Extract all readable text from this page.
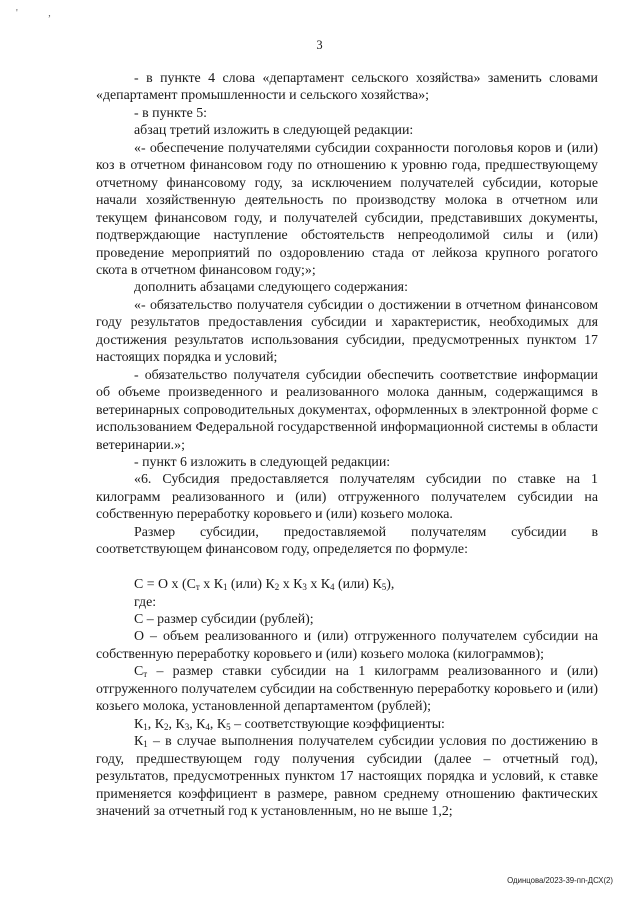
' ,
3

- в пункте 4 слова «департамент сельского хозяйства» заменить словами «департамент промышленности и сельского хозяйства»;

- в пункте 5:

абзац третий изложить в следующей редакции:

«- обеспечение получателями субсидии сохранности поголовья коров и (или) коз в отчетном финансовом году по отношению к уровню года, предшествующему отчетному финансовому году, за исключением получателей субсидии, которые начали хозяйственную деятельность по производству молока в отчетном или текущем финансовом году, и получателей субсидии, представивших документы, подтверждающие наступление обстоятельств непреодолимой силы и (или) проведение мероприятий по оздоровлению стада от лейкоза крупного рогатого скота в отчетном финансовом году;»;

дополнить абзацами следующего содержания:

«- обязательство получателя субсидии о достижении в отчетном финансовом году результатов предоставления субсидии и характеристик, необходимых для достижения результатов использования субсидии, предусмотренных пунктом 17 настоящих порядка и условий;

- обязательство получателя субсидии обеспечить соответствие информации об объеме произведенного и реализованного молока данным, содержащимся в ветеринарных сопроводительных документах, оформленных в электронной форме с использованием Федеральной государственной информационной системы в области ветеринарии.»;

- пункт 6 изложить в следующей редакции:

«6. Субсидия предоставляется получателям субсидии по ставке на 1 килограмм реализованного и (или) отгруженного получателем субсидии на собственную переработку коровьего и (или) козьего молока.

Размер субсидии, предоставляемой получателям субсидии в соответствующем финансовом году, определяется по формуле:

С = О х ($С_т$ х $К_1$ (или) $К_2$ х $К_3$ х $К_4$ (или) $К_5$),

где:

С – размер субсидии (рублей);

О – объем реализованного и (или) отгруженного получателем субсидии на собственную переработку коровьего и (или) козьего молока (килограммов);

$С_т$ – размер ставки субсидии на 1 килограмм реализованного и (или) отгруженного получателем субсидии на собственную переработку коровьего и (или) козьего молока, установленной департаментом (рублей);

$К_1$, $К_2$, $К_3$, $К_4$, $К_5$ – соответствующие коэффициенты:

$К_1$ – в случае выполнения получателем субсидии условия по достижению в году, предшествующем году получения субсидии (далее – отчетный год), результатов, предусмотренных пунктом 17 настоящих порядка и условий, к ставке применяется коэффициент в размере, равном среднему отношению фактических значений за отчетный год к установленным, но не выше 1,2;

Одинцова/2023-39-пп-ДСХ(2)
